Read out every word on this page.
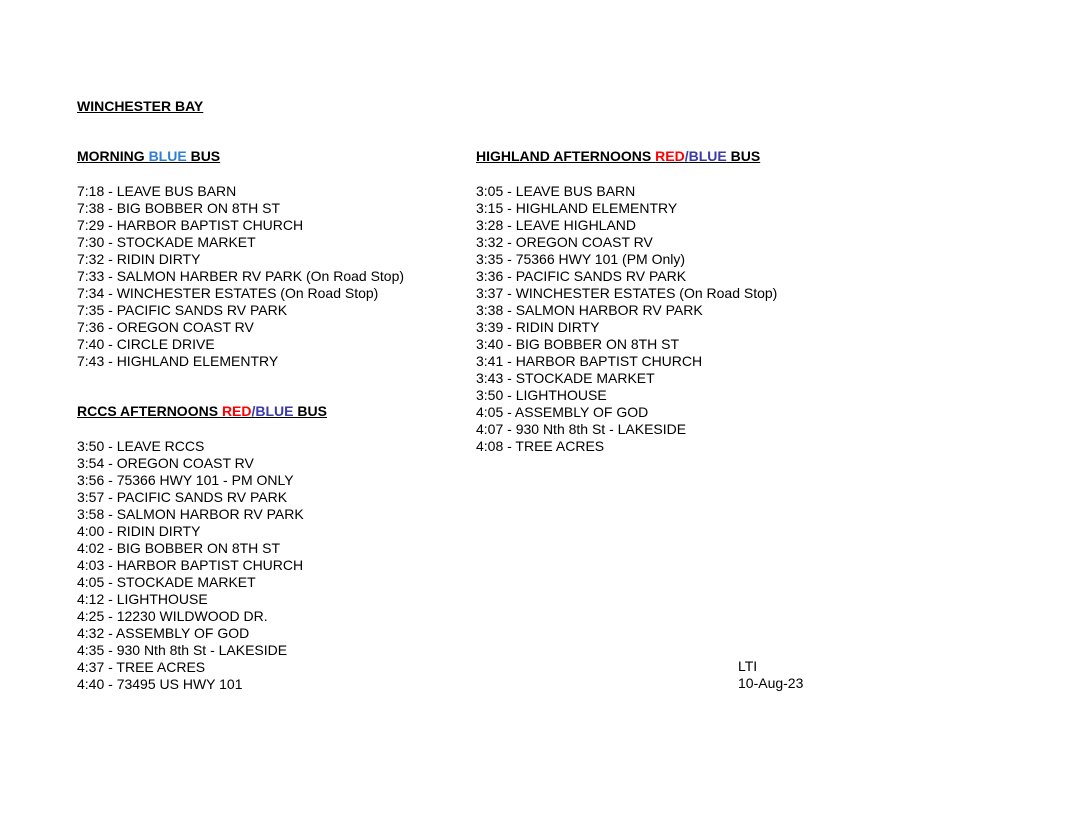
WINCHESTER BAY
MORNING BLUE BUS
7:18 - LEAVE BUS BARN
7:38 - BIG BOBBER ON 8TH ST
7:29 - HARBOR BAPTIST CHURCH
7:30 - STOCKADE MARKET
7:32 - RIDIN DIRTY
7:33 - SALMON HARBER RV PARK (On Road Stop)
7:34 - WINCHESTER ESTATES (On Road Stop)
7:35 - PACIFIC SANDS RV PARK
7:36 - OREGON COAST RV
7:40 - CIRCLE DRIVE
7:43 - HIGHLAND ELEMENTRY
HIGHLAND AFTERNOONS RED/BLUE BUS
3:05 - LEAVE BUS BARN
3:15 - HIGHLAND ELEMENTRY
3:28 - LEAVE HIGHLAND
3:32 - OREGON COAST RV
3:35 - 75366 HWY 101 (PM Only)
3:36 - PACIFIC SANDS RV PARK
3:37 - WINCHESTER ESTATES (On Road Stop)
3:38 - SALMON HARBOR RV PARK
3:39 - RIDIN DIRTY
3:40 - BIG BOBBER ON 8TH ST
3:41 - HARBOR BAPTIST CHURCH
3:43 - STOCKADE MARKET
3:50 - LIGHTHOUSE
4:05 - ASSEMBLY OF GOD
4:07 - 930 Nth 8th St - LAKESIDE
4:08 - TREE ACRES
RCCS AFTERNOONS RED/BLUE BUS
3:50 - LEAVE RCCS
3:54 - OREGON COAST RV
3:56 - 75366 HWY 101 - PM ONLY
3:57 - PACIFIC SANDS RV PARK
3:58 - SALMON HARBOR RV PARK
4:00 - RIDIN DIRTY
4:02 - BIG BOBBER ON 8TH ST
4:03 - HARBOR BAPTIST CHURCH
4:05 - STOCKADE MARKET
4:12 - LIGHTHOUSE
4:25 - 12230 WILDWOOD DR.
4:32 - ASSEMBLY OF GOD
4:35 - 930 Nth 8th St - LAKESIDE
4:37 - TREE ACRES
4:40 - 73495 US HWY 101
LTI
10-Aug-23
